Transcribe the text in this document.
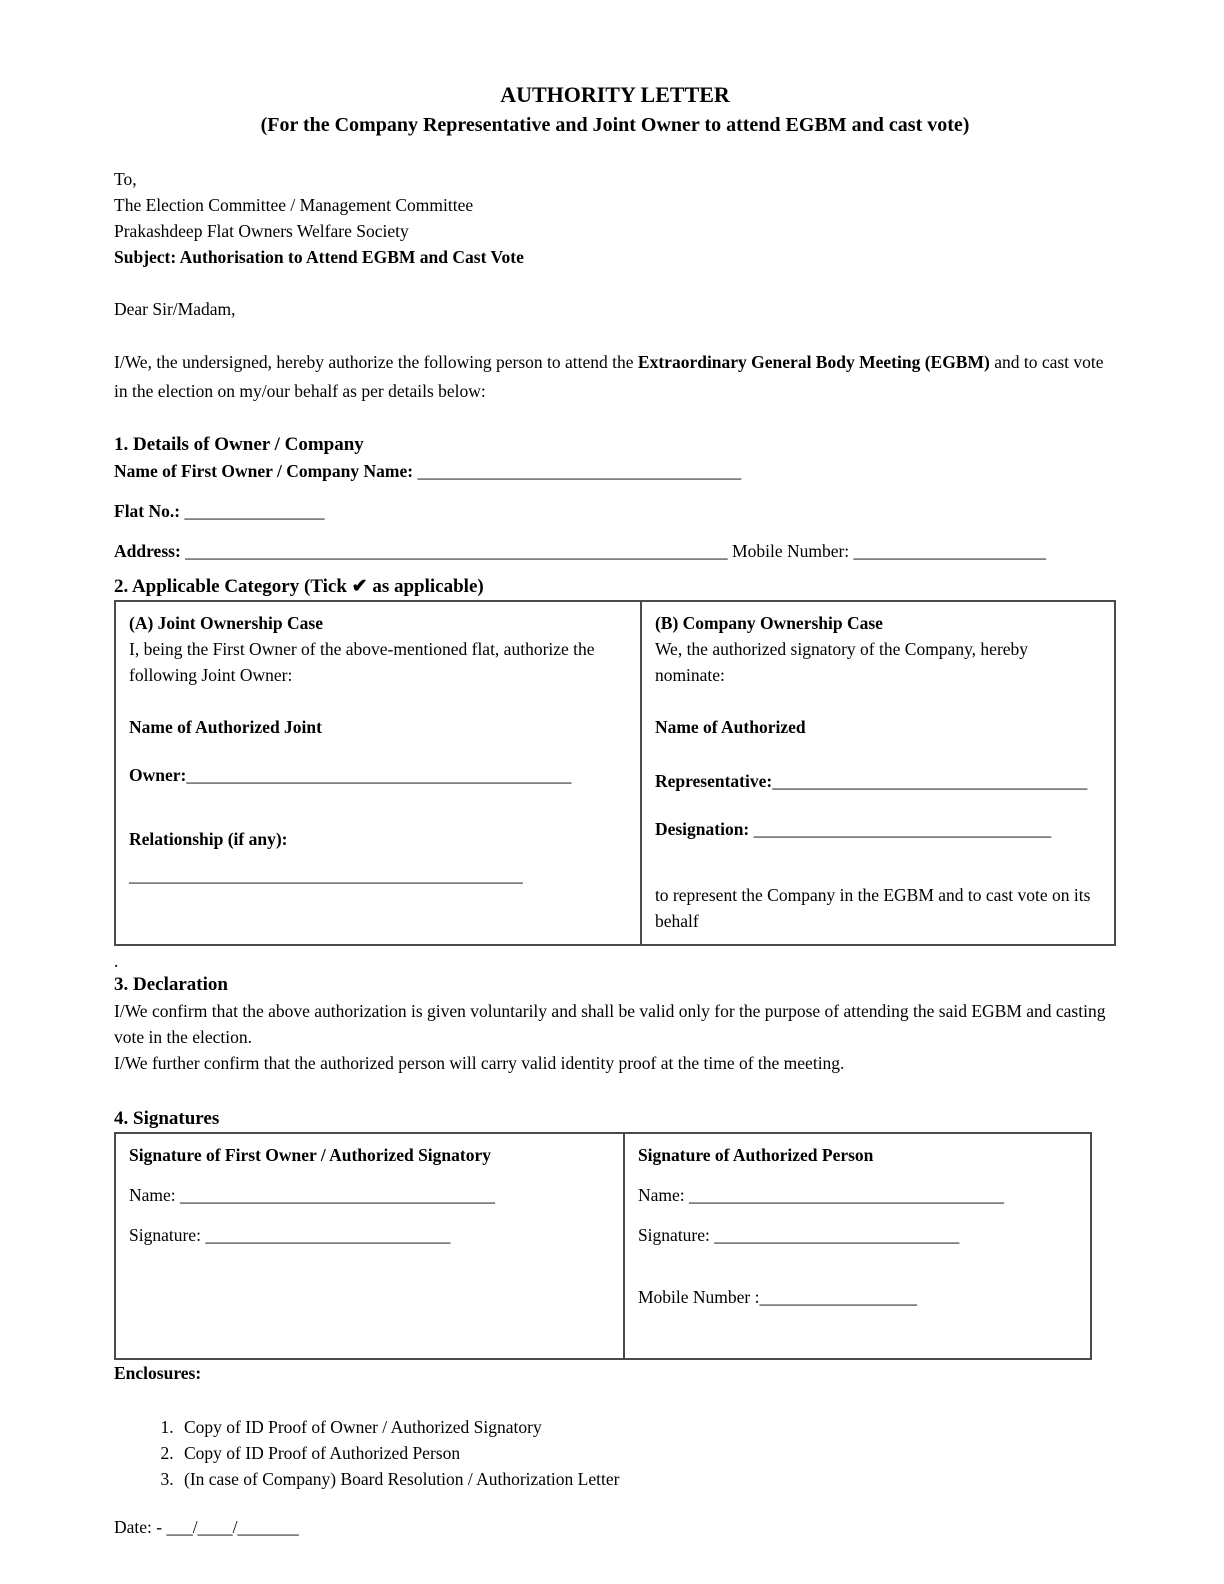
AUTHORITY LETTER
(For the Company Representative and Joint Owner to attend EGBM and cast vote)
To,
The Election Committee / Management Committee
Prakashdeep Flat Owners Welfare Society
Subject: Authorisation to Attend EGBM and Cast Vote
Dear Sir/Madam,

I/We, the undersigned, hereby authorize the following person to attend the Extraordinary General Body Meeting (EGBM) and to cast vote in the election on my/our behalf as per details below:

1. Details of Owner / Company
Name of First Owner / Company Name: _____________________________________
Flat No.: ________________
Address: ______________________________________________________________ Mobile Number: ______________________
2. Applicable Category (Tick ✔ as applicable)
(A) Joint Ownership Case
I, being the First Owner of the above-mentioned flat, authorize the following Joint Owner:
Name of Authorized Joint
Owner:____________________________________________
Relationship (if any):
_____________________________________________
(B) Company Ownership Case
We, the authorized signatory of the Company, hereby nominate:
Name of Authorized
Representative:____________________________________
Designation: __________________________________
to represent the Company in the EGBM and to cast vote on its behalf
.
3. Declaration
I/We confirm that the above authorization is given voluntarily and shall be valid only for the purpose of attending the said EGBM and casting vote in the election.
I/We further confirm that the authorized person will carry valid identity proof at the time of the meeting.
4. Signatures
Signature of First Owner / Authorized Signatory
Name: ____________________________________
Signature: ____________________________
Signature of Authorized Person
Name: ____________________________________
Signature: ____________________________
Mobile Number :__________________
Enclosures:
1. Copy of ID Proof of Owner / Authorized Signatory
2. Copy of ID Proof of Authorized Person
3. (In case of Company) Board Resolution / Authorization Letter
Date: - ___/____/_______
